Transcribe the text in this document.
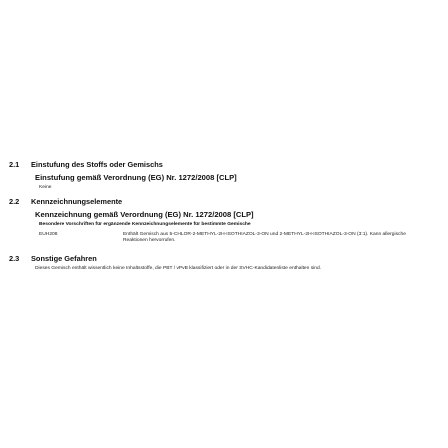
2.1 Einstufung des Stoffs oder Gemischs
Einstufung gemäß Verordnung (EG) Nr. 1272/2008 [CLP]
Keine
2.2 Kennzeichnungselemente
Kennzeichnung gemäß Verordnung (EG) Nr. 1272/2008 [CLP]
Besondere Vorschriften für ergänzende Kennzeichnungselemente für bestimmte Gemische
EUH208	Enthält Gemisch aus 5-CHLOR-2-METHYL-2H-ISOTHIAZOL-3-ON und 2-METHYL-2H-ISOTHIAZOL-3-ON (3:1). Kann allergische Reaktionen hervorrufen.
2.3 Sonstige Gefahren
Dieses Gemisch enthält wissentlich keine Inhaltsstoffe, die PBT / vPvB klassifiziert oder in der SVHC-Kandidatenliste enthalten sind.
